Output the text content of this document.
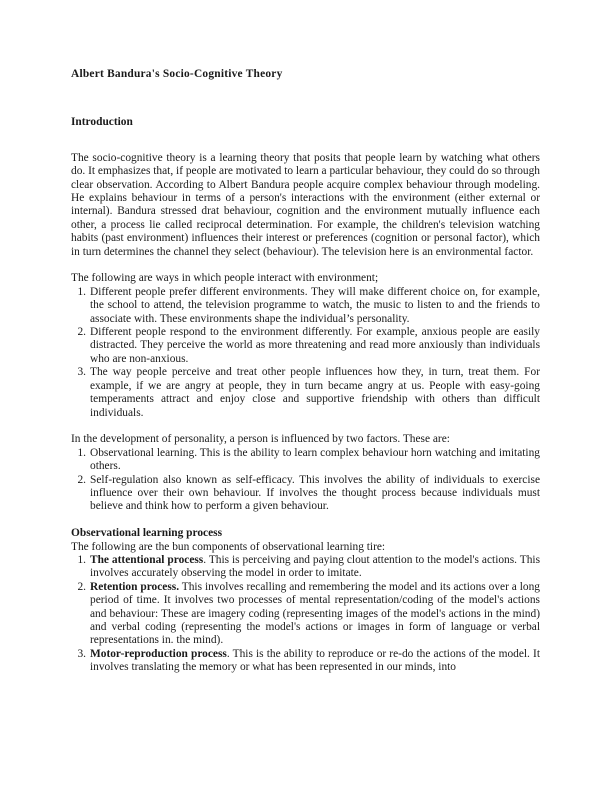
Albert Bandura's Socio-Cognitive Theory
Introduction

The socio-cognitive theory is a learning theory that posits that people learn by watching what others do. It emphasizes that, if people are motivated to learn a particular behaviour, they could do so through clear observation. According to Albert Bandura people acquire complex behaviour through modeling. He explains behaviour in terms of a person's interactions with the environment (either external or internal). Bandura stressed drat behaviour, cognition and the environment mutually influence each other, a process lie called reciprocal determination. For example, the children's television watching habits (past environment) influences their interest or preferences (cognition or personal factor), which in turn determines the channel they select (behaviour). The television here is an environmental factor.

The following are ways in which people interact with environment;

1. Different people prefer different environments. They will make different choice on, for example, the school to attend, the television programme to watch, the music to listen to and the friends to associate with. These environments shape the individual’s personality.
2. Different people respond to the environment differently. For example, anxious people are easily distracted. They perceive the world as more threatening and read more anxiously than individuals who are non-anxious.
3. The way people perceive and treat other people influences how they, in turn, treat them. For example, if we are angry at people, they in turn became angry at us. People with easy-going temperaments attract and enjoy close and supportive friendship with others than difficult individuals.

In the development of personality, a person is influenced by two factors. These are:

1. Observational learning. This is the ability to learn complex behaviour horn watching and imitating others.
2. Self-regulation also known as self-efficacy. This involves the ability of individuals to exercise influence over their own behaviour. If involves the thought process because individuals must believe and think how to perform a given behaviour.
Observational learning process

The following are the bun components of observational learning tire:

1. The attentional process. This is perceiving and paying clout attention to the model's actions. This involves accurately observing the model in order to imitate.
2. Retention process. This involves recalling and remembering the model and its actions over a long period of time. It involves two processes of mental representation/coding of the model's actions and behaviour: These are imagery coding (representing images of the model's actions in the mind) and verbal coding (representing the model's actions or images in form of language or verbal representations in. the mind).
3. Motor-reproduction process. This is the ability to reproduce or re-do the actions of the model. It involves translating the memory or what has been represented in our minds, into
